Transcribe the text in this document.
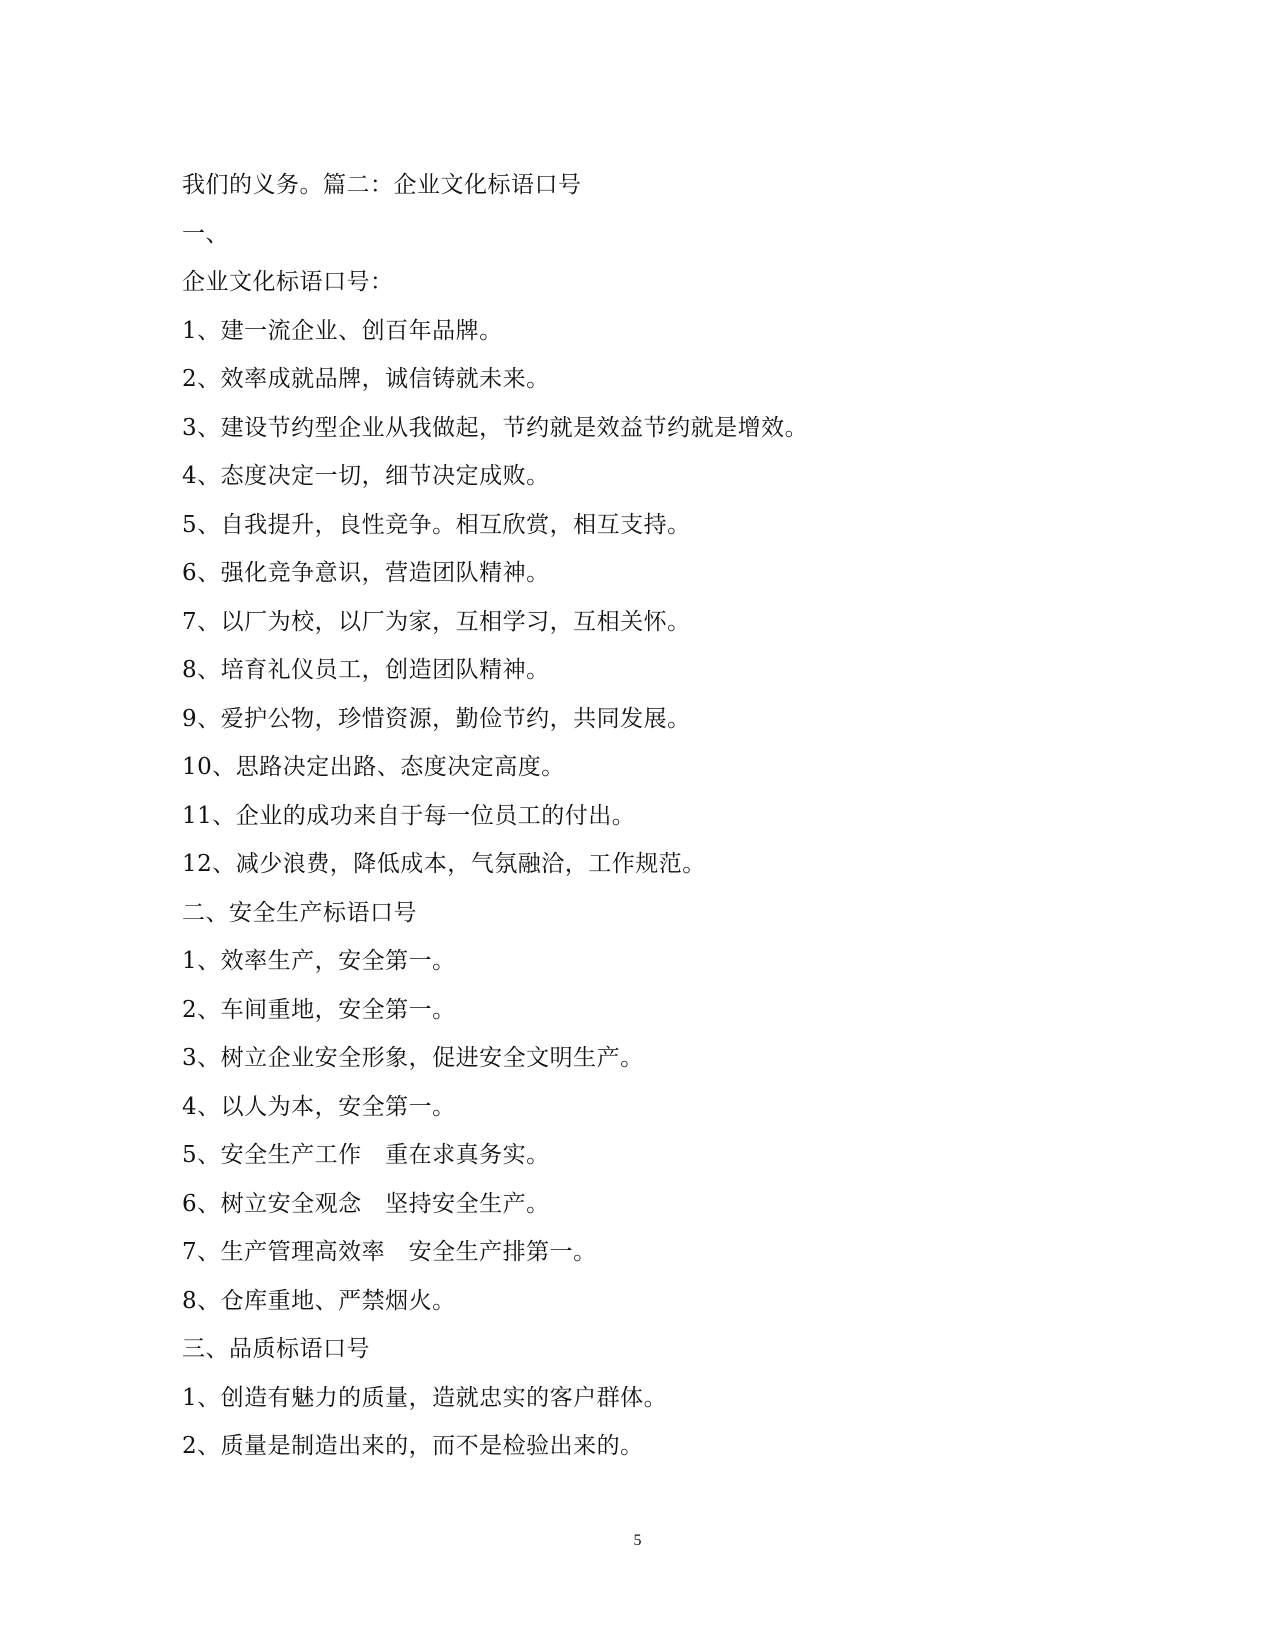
我们的义务。篇二：企业文化标语口号
一、
企业文化标语口号：
1、建一流企业、创百年品牌。
2、效率成就品牌，诚信铸就未来。
3、建设节约型企业从我做起，节约就是效益节约就是增效。
4、态度决定一切，细节决定成败。
5、自我提升，良性竞争。相互欣赏，相互支持。
6、强化竞争意识，营造团队精神。
7、以厂为校，以厂为家，互相学习，互相关怀。
8、培育礼仪员工，创造团队精神。
9、爱护公物，珍惜资源，勤俭节约，共同发展。
10、思路决定出路、态度决定高度。
11、企业的成功来自于每一位员工的付出。
12、减少浪费，降低成本，气氛融洽，工作规范。
二、安全生产标语口号
1、效率生产，安全第一。
2、车间重地，安全第一。
3、树立企业安全形象，促进安全文明生产。
4、以人为本，安全第一。
5、安全生产工作　重在求真务实。
6、树立安全观念　坚持安全生产。
7、生产管理高效率　安全生产排第一。
8、仓库重地、严禁烟火。
三、品质标语口号
1、创造有魅力的质量，造就忠实的客户群体。
2、质量是制造出来的，而不是检验出来的。
5
